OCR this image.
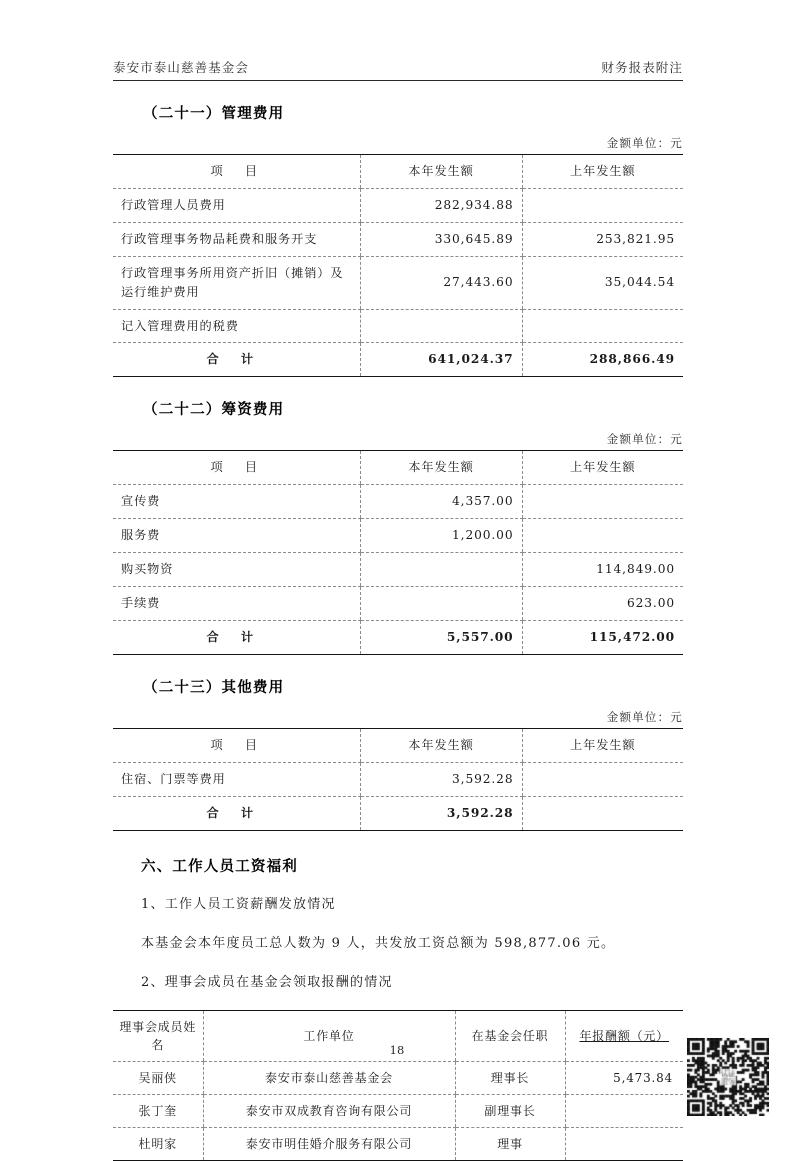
泰安市泰山慈善基金会	财务报表附注
（二十一）管理费用
金额单位：元
项　目	本年发生额	上年发生额
行政管理人员费用	282,934.88	
行政管理事务物品耗费和服务开支	330,645.89	253,821.95
行政管理事务所用资产折旧（摊销）及运行维护费用	27,443.60	35,044.54
记入管理费用的税费		
合　计	641,024.37	288,866.49
（二十二）筹资费用
金额单位：元
项　目	本年发生额	上年发生额
宣传费	4,357.00	
服务费	1,200.00	
购买物资		114,849.00
手续费		623.00
合　计	5,557.00	115,472.00
（二十三）其他费用
金额单位：元
项　目	本年发生额	上年发生额
住宿、门票等费用	3,592.28	
合　计	3,592.28	
六、工作人员工资福利

1、工作人员工资薪酬发放情况

本基金会本年度员工总人数为 9 人，共发放工资总额为 598,877.06 元。

2、理事会成员在基金会领取报酬的情况

理事会成员姓名	工作单位	在基金会任职	年报酬额（元）
吴丽侠	泰安市泰山慈善基金会	理事长	5,473.84
张丁奎	泰安市双成教育咨询有限公司	副理事长	
杜明家	泰安市明佳婚介服务有限公司	理事	
18
